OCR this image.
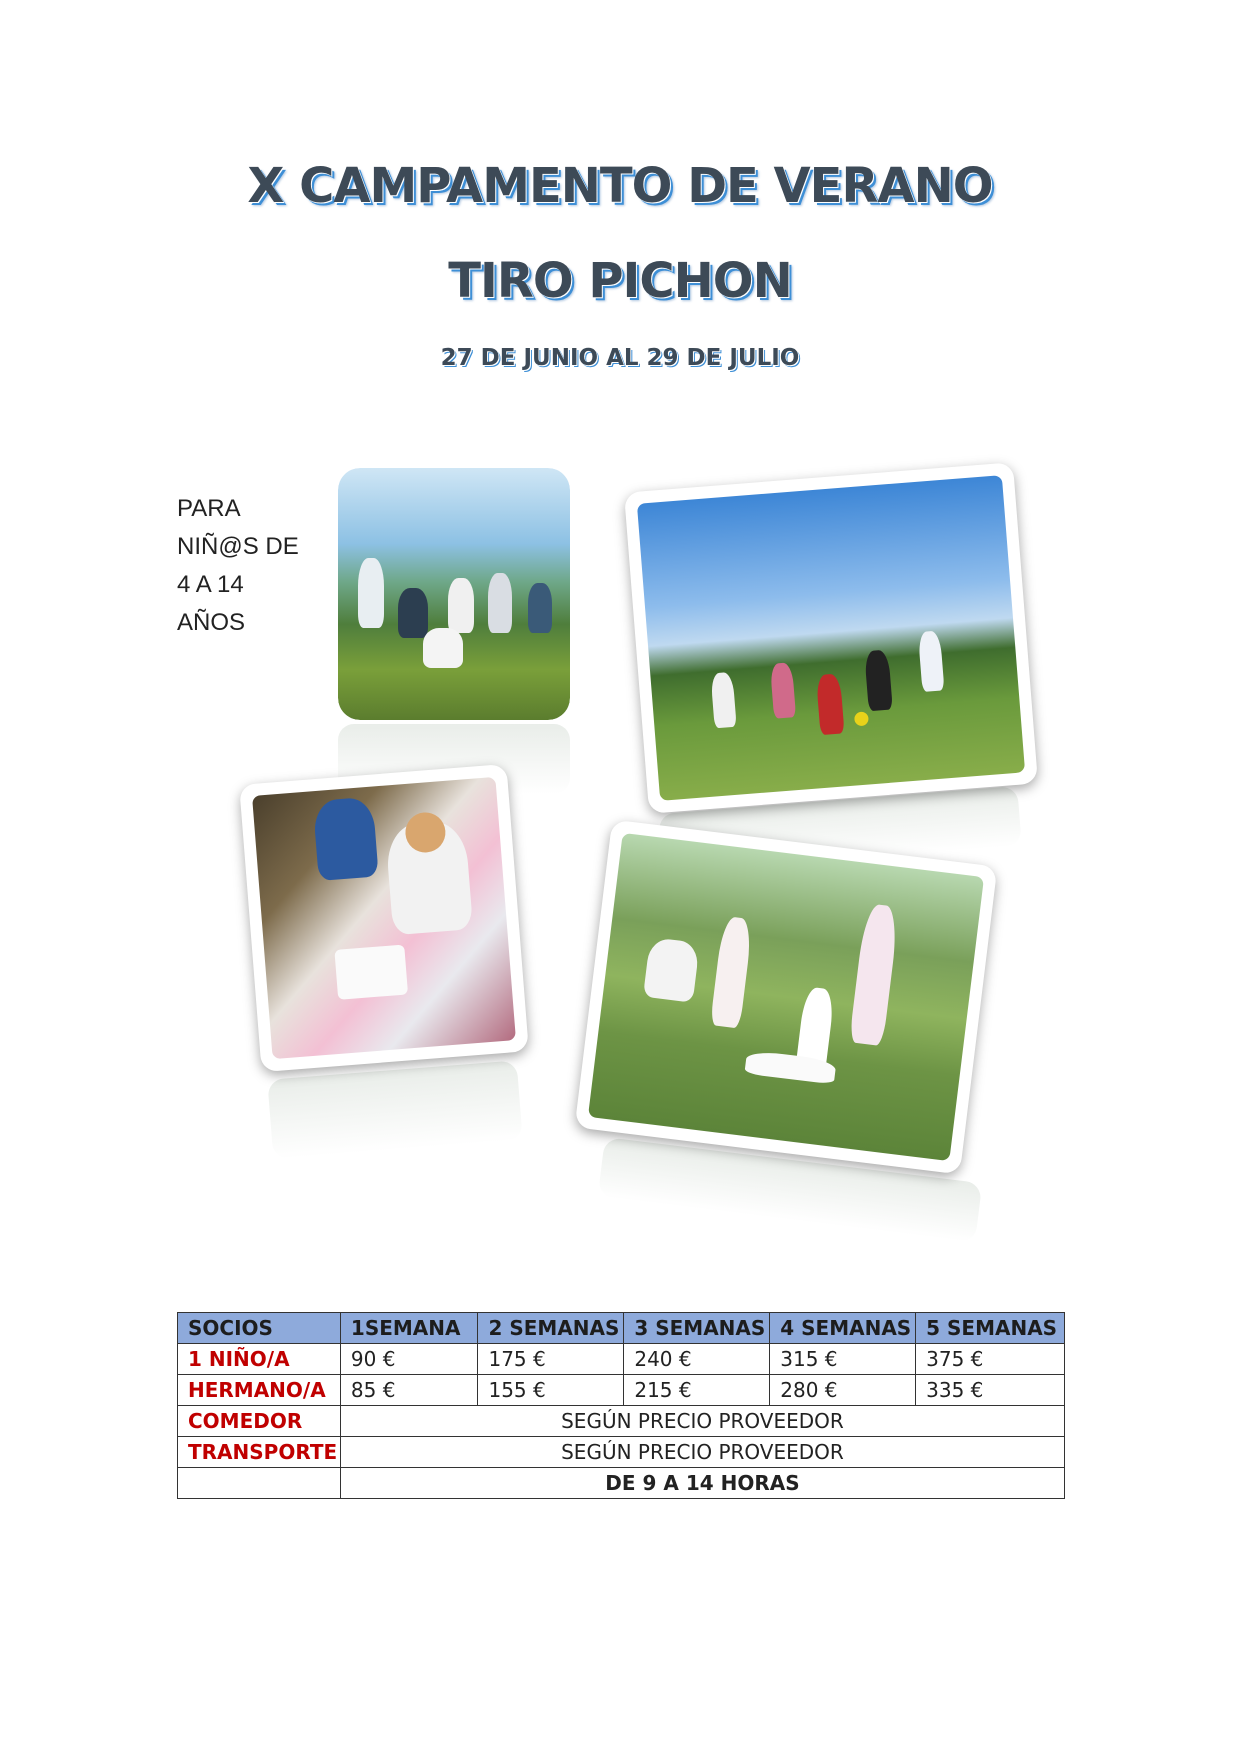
X CAMPAMENTO DE VERANO
TIRO PICHON
27 DE JUNIO AL 29 DE JULIO
PARA
NIÑ@S DE
4 A 14
AÑOS
SOCIOS	1SEMANA	2 SEMANAS	3 SEMANAS	4 SEMANAS	5 SEMANAS
1 NIÑO/A	90 €	175 €	240 €	315 €	375 €
HERMANO/A	85 €	155 €	215 €	280 €	335 €
COMEDOR	SEGÚN PRECIO PROVEEDOR				
TRANSPORTE	SEGÚN PRECIO PROVEEDOR				
	DE 9 A 14 HORAS				
